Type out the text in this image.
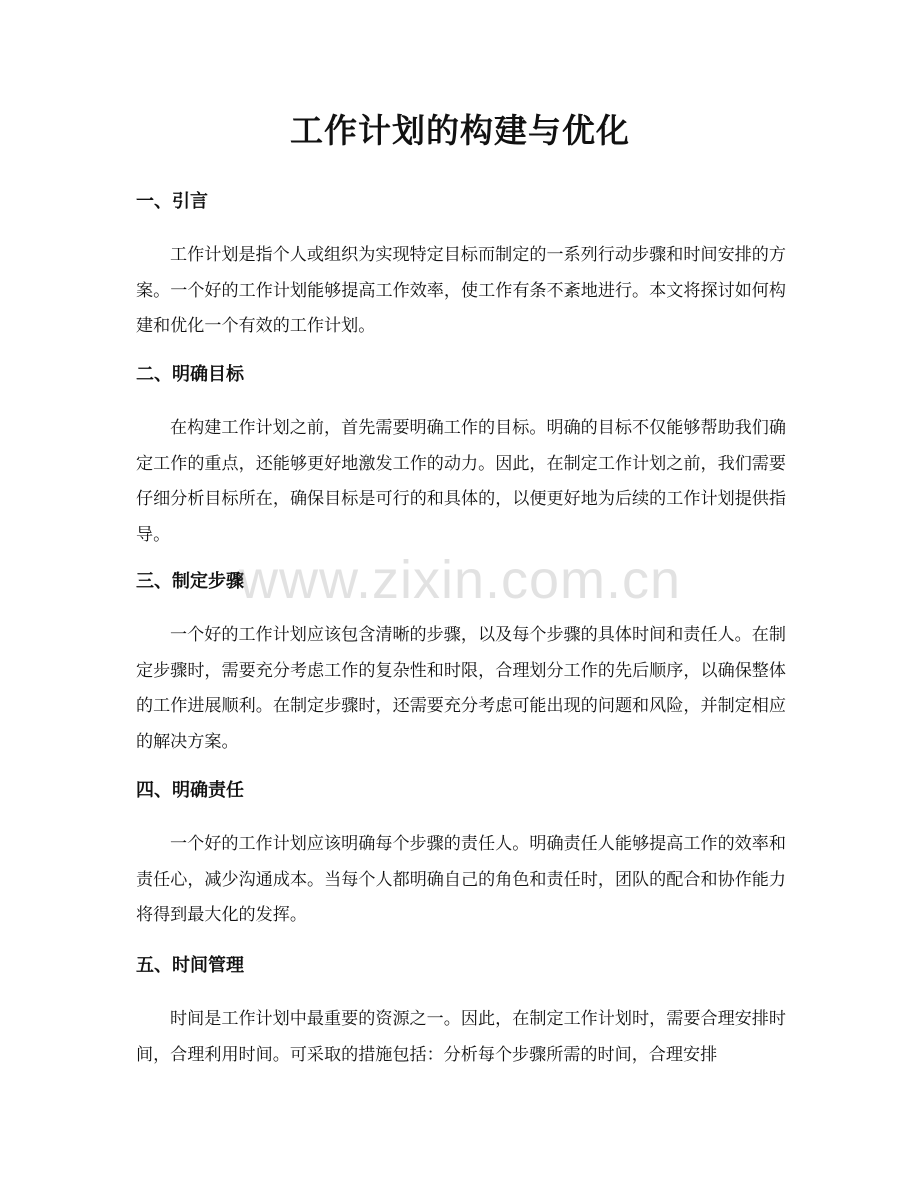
工作计划的构建与优化
一、引言

工作计划是指个人或组织为实现特定目标而制定的一系列行动步骤和时间安排的方案。一个好的工作计划能够提高工作效率，使工作有条不紊地进行。本文将探讨如何构建和优化一个有效的工作计划。

二、明确目标

在构建工作计划之前，首先需要明确工作的目标。明确的目标不仅能够帮助我们确定工作的重点，还能够更好地激发工作的动力。因此，在制定工作计划之前，我们需要仔细分析目标所在，确保目标是可行的和具体的，以便更好地为后续的工作计划提供指导。

三、制定步骤

一个好的工作计划应该包含清晰的步骤，以及每个步骤的具体时间和责任人。在制定步骤时，需要充分考虑工作的复杂性和时限，合理划分工作的先后顺序，以确保整体的工作进展顺利。在制定步骤时，还需要充分考虑可能出现的问题和风险，并制定相应的解决方案。

四、明确责任

一个好的工作计划应该明确每个步骤的责任人。明确责任人能够提高工作的效率和责任心，减少沟通成本。当每个人都明确自己的角色和责任时，团队的配合和协作能力将得到最大化的发挥。

五、时间管理

时间是工作计划中最重要的资源之一。因此，在制定工作计划时，需要合理安排时间，合理利用时间。可采取的措施包括：分析每个步骤所需的时间，合理安排

www.zixin.com.cn
